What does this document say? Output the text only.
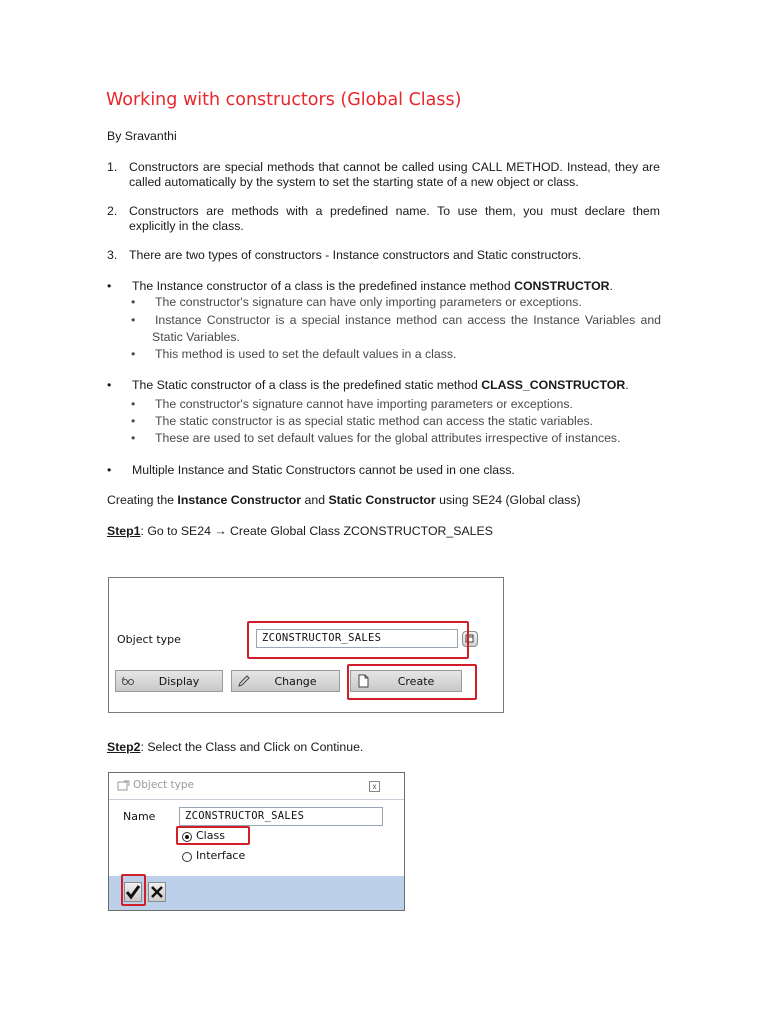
Working with constructors (Global Class)
By Sravanthi
1. Constructors are special methods that cannot be called using CALL METHOD. Instead, they are
called automatically by the system to set the starting state of a new object or class.
2. Constructors are methods with a predefined name. To use them, you must declare them
explicitly in the class.
3. There are two types of constructors - Instance constructors and Static constructors.
• The Instance constructor of a class is the predefined instance method CONSTRUCTOR.
• The constructor's signature can have only importing parameters or exceptions.
• Instance Constructor is a special instance method can access the Instance Variables and
Static Variables.
• This method is used to set the default values in a class.
• The Static constructor of a class is the predefined static method CLASS_CONSTRUCTOR.
• The constructor's signature cannot have importing parameters or exceptions.
• The static constructor is as special static method can access the static variables.
• These are used to set default values for the global attributes irrespective of instances.
• Multiple Instance and Static Constructors cannot be used in one class.
Creating the Instance Constructor and Static Constructor using SE24 (Global class)
Step1: Go to SE24 → Create Global Class ZCONSTRUCTOR_SALES
Object type	ZCONSTRUCTOR_SALES
Display	Change	Create
Step2: Select the Class and Click on Continue.
Object type	x
Name	ZCONSTRUCTOR_SALES
Class
Interface
